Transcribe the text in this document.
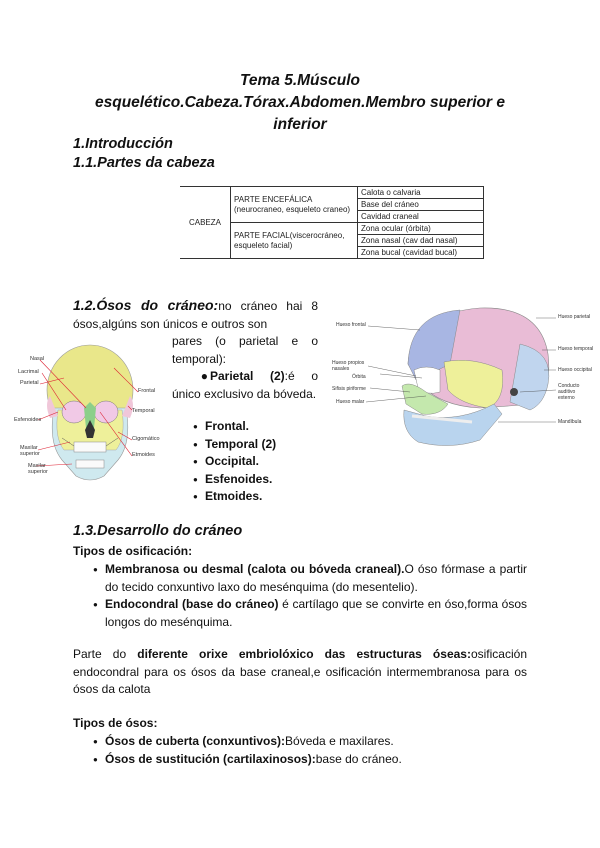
Tema 5.Músculo
esquelético.Cabeza.Tórax.Abdomen.Membro superior e
inferior
1.Introducción
1.1.Partes da cabeza
CABEZA	PARTE ENCEFÁLICA (neurocraneo, esqueleto craneo)	Calota o calvaria
		Base del cráneo
		Cavidad craneal
	PARTE FACIAL(viscerocráneo, esqueleto facial)	Zona ocular (órbita)
		Zona nasal (cav dad nasal)
		Zona bucal (cavidad bucal)
1.2.Ósos do cráneo:no cráneo hai 8 ósos,algúns son únicos e outros son
pares (o parietal e o temporal):
● Parietal (2):é o único exclusivo da bóveda.
● Frontal.
● Temporal (2)
● Occipital.
● Esfenoides.
● Etmoides.
Nasal
Lacrimal
Parietal
Esfenoides
Maxilar superior
Maxilar superior
Frontal
Temporal
Cigomático
Etmoides
Hueso frontal
Hueso propios nasales
Órbita
Sifisis piriforme
Hueso malar
Hueso parietal
Hueso temporal
Hueso occipital
Conducto auditivo externo
Mandíbula
1.3.Desarrollo do cráneo
Tipos de osificación:
● Membranosa ou desmal (calota ou bóveda craneal).O óso fórmase a partir do tecido conxuntivo laxo do mesénquima (do mesentelio).
● Endocondral (base do cráneo) é cartílago que se convirte en óso,forma ósos longos do mesénquima.
Parte do diferente orixe embriolóxico das estructuras óseas:osificación endocondral para os ósos da base craneal,e osificación intermembranosa para os ósos da calota
Tipos de ósos:
● Ósos de cuberta (conxuntivos):Bóveda e maxilares.
● Ósos de sustitución (cartilaxinosos):base do cráneo.
